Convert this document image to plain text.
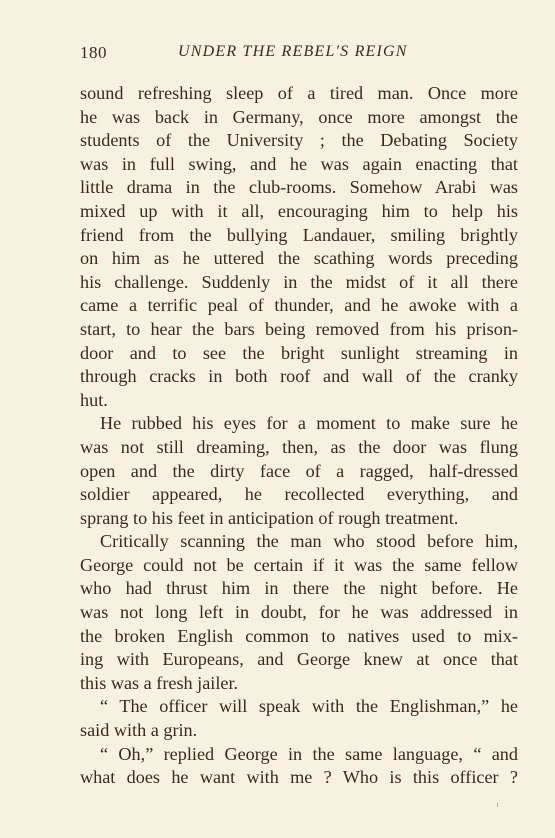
180	UNDER THE REBEL'S REIGN
sound refreshing sleep of a tired man. Once more
he was back in Germany, once more amongst the
students of the University ; the Debating Society
was in full swing, and he was again enacting that
little drama in the club-rooms. Somehow Arabi was
mixed up with it all, encouraging him to help his
friend from the bullying Landauer, smiling brightly
on him as he uttered the scathing words preceding
his challenge. Suddenly in the midst of it all there
came a terrific peal of thunder, and he awoke with a
start, to hear the bars being removed from his prison-
door and to see the bright sunlight streaming in
through cracks in both roof and wall of the cranky
hut.
He rubbed his eyes for a moment to make sure he
was not still dreaming, then, as the door was flung
open and the dirty face of a ragged, half-dressed
soldier appeared, he recollected everything, and
sprang to his feet in anticipation of rough treatment.
Critically scanning the man who stood before him,
George could not be certain if it was the same fellow
who had thrust him in there the night before. He
was not long left in doubt, for he was addressed in
the broken English common to natives used to mix-
ing with Europeans, and George knew at once that
this was a fresh jailer.
“ The officer will speak with the Englishman,” he
said with a grin.
“ Oh,” replied George in the same language, “ and
what does he want with me ? Who is this officer ?
